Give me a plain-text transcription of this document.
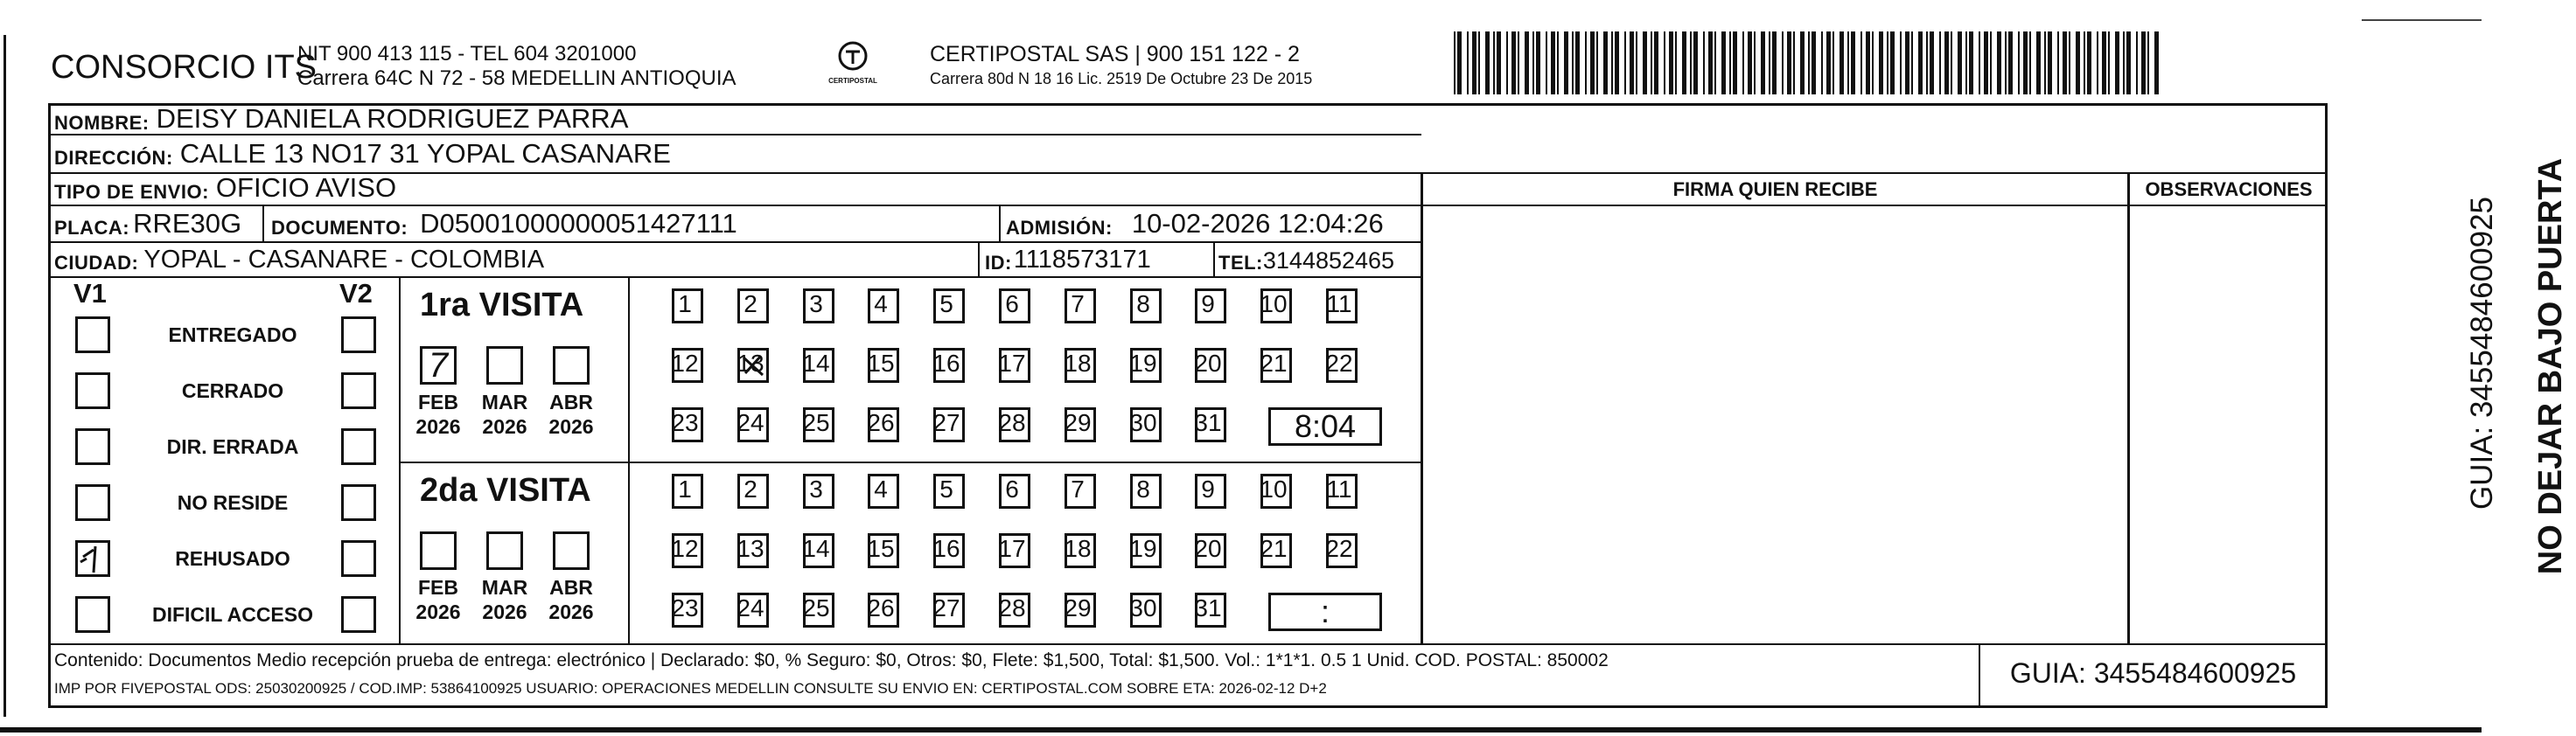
CONSORCIO ITS
NIT 900 413 115 - TEL 604 3201000
Carrera 64C N 72 - 58 MEDELLIN ANTIOQUIA	CERTIPOSTAL
CERTIPOSTAL SAS | 900 151 122 - 2
Carrera 80d N 18 16 Lic. 2519 De Octubre 23 De 2015
NOMBRE: DEISY DANIELA RODRIGUEZ PARRA
DIRECCIÓN: CALLE 13 NO17 31 YOPAL CASANARE
TIPO DE ENVIO: OFICIO AVISO
PLACA: RRE30G DOCUMENTO: D05001000000051427111	ADMISIÓN: 10-02-2026 12:04:26
CIUDAD: YOPAL - CASANARE - COLOMBIA	ID: 1118573171	TEL: 3144852465
FIRMA QUIEN RECIBE	OBSERVACIONES
V1	V2
ENTREGADO
CERRADO
DIR. ERRADA
NO RESIDE
REHUSADO
DIFICIL ACCESO
1ra VISITA
7
FEB
2026
MAR
2026
ABR
2026
1 2 3 4 5 6 7 8 9 10 11
12 13 14 15 16 17 18 19 20 21 22
23 24 25 26 27 28 29 30 31 8:04
2da VISITA
FEB
2026
MAR
2026
ABR
2026
1 2 3 4 5 6 7 8 9 10 11
12 13 14 15 16 17 18 19 20 21 22
23 24 25 26 27 28 29 30 31	:
Contenido: Documentos Medio recepción prueba de entrega: electrónico | Declarado: $0, % Seguro: $0, Otros: $0, Flete: $1,500, Total: $1,500. Vol.: 1*1*1. 0.5 1 Unid. COD. POSTAL: 850002
IMP POR FIVEPOSTAL ODS: 25030200925 / COD.IMP: 53864100925 USUARIO: OPERACIONES MEDELLIN CONSULTE SU ENVIO EN: CERTIPOSTAL.COM SOBRE ETA: 2026-02-12 D+2	GUIA: 3455484600925
NO DEJAR BAJO PUERTA
GUIA: 3455484600925
